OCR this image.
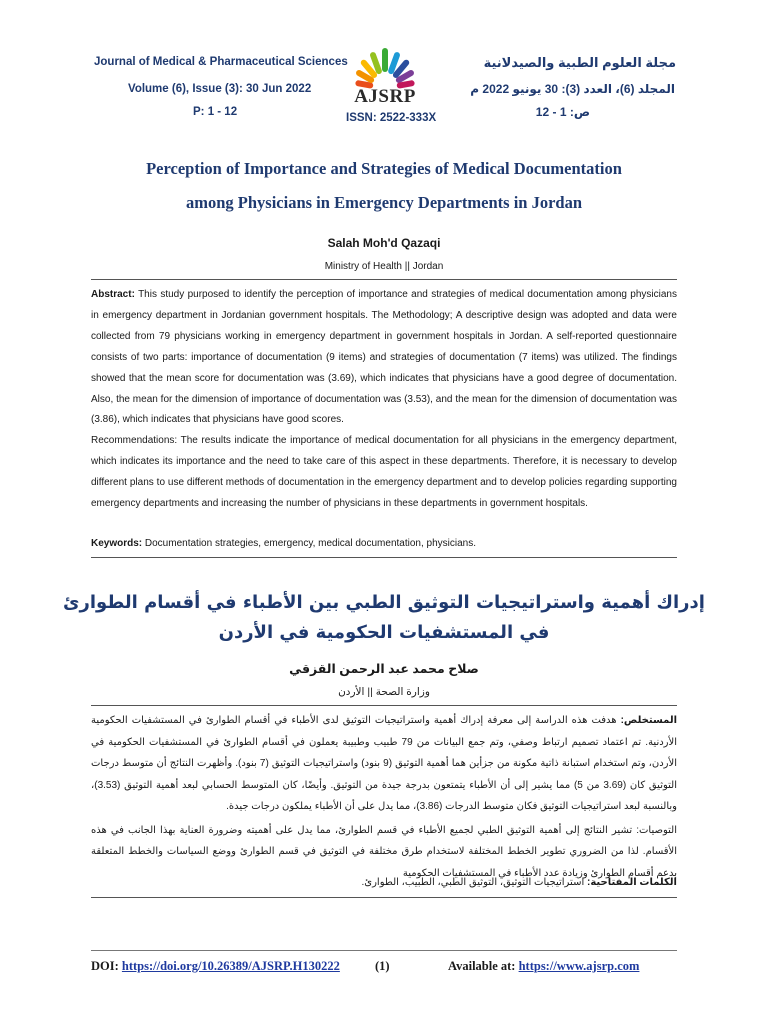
Journal of Medical & Pharmaceutical Sciences
Volume (6), Issue (3): 30 Jun 2022
P: 1 - 12
مجلة العلوم الطبية والصيدلانية
المجلد (6)، العدد (3): 30 يونيو 2022 م
ص: 1 - 12
AJSRP
ISSN: 2522-333X
Perception of Importance and Strategies of Medical Documentation
among Physicians in Emergency Departments in Jordan
Salah Moh'd Qazaqi
Ministry of Health || Jordan
Abstract: This study purposed to identify the perception of importance and strategies of medical documentation among physicians in emergency department in Jordanian government hospitals. The Methodology; A descriptive design was adopted and data were collected from 79 physicians working in emergency department in government hospitals in Jordan. A self-reported questionnaire consists of two parts: importance of documentation (9 items) and strategies of documentation (7 items) was utilized. The findings showed that the mean score for documentation was (3.69), which indicates that physicians have a good degree of documentation. Also, the mean for the dimension of importance of documentation was (3.53), and the mean for the dimension of documentation was (3.86), which indicates that physicians have good scores.
Recommendations: The results indicate the importance of medical documentation for all physicians in the emergency department, which indicates its importance and the need to take care of this aspect in these departments. Therefore, it is necessary to develop different plans to use different methods of documentation in the emergency department and to develop policies regarding supporting emergency departments and increasing the number of physicians in these departments in government hospitals.
Keywords: Documentation strategies, emergency, medical documentation, physicians.
إدراك أهمية واستراتيجيات التوثيق الطبي بين الأطباء في أقسام الطوارئ
في المستشفيات الحكومية في الأردن
صلاح محمد عبد الرحمن القزقي
وزارة الصحة || الأردن
المستخلص: هدفت هذه الدراسة إلى معرفة إدراك أهمية واستراتيجيات التوثيق لدى الأطباء في أقسام الطوارئ في المستشفيات الحكومية الأردنية. تم اعتماد تصميم ارتباط وصفي، وتم جمع البيانات من 79 طبيب وطبيبة يعملون في أقسام الطوارئ في المستشفيات الحكومية في الأردن، وتم استخدام استبانة ذاتية مكونة من جزأين هما أهمية التوثيق (9 بنود) واستراتيجيات التوثيق (7 بنود). وأظهرت النتائج أن متوسط درجات التوثيق كان (3.69 من 5) مما يشير إلى أن الأطباء يتمتعون بدرجة جيدة من التوثيق. وأيضًا، كان المتوسط الحسابي لبعد أهمية التوثيق (3.53)، وبالنسبة لبعد استراتيجيات التوثيق فكان متوسط الدرجات (3.86)، مما يدل على أن الأطباء يملكون درجات جيدة.
التوصيات: تشير النتائج إلى أهمية التوثيق الطبي لجميع الأطباء في قسم الطوارئ، مما يدل على أهميته وضرورة العناية بهذا الجانب في هذه الأقسام. لذا من الضروري تطوير الخطط المختلفة لاستخدام طرق مختلفة في التوثيق في قسم الطوارئ ووضع السياسات والخطط المتعلقة بدعم أقسام الطوارئ وزيادة عدد الأطباء في المستشفيات الحكومية
الكلمات المفتاحية: استراتيجيات التوثيق، التوثيق الطبي، الطبيب، الطوارئ.
DOI: https://doi.org/10.26389/AJSRP.H130222	(1)	Available at: https://www.ajsrp.com
